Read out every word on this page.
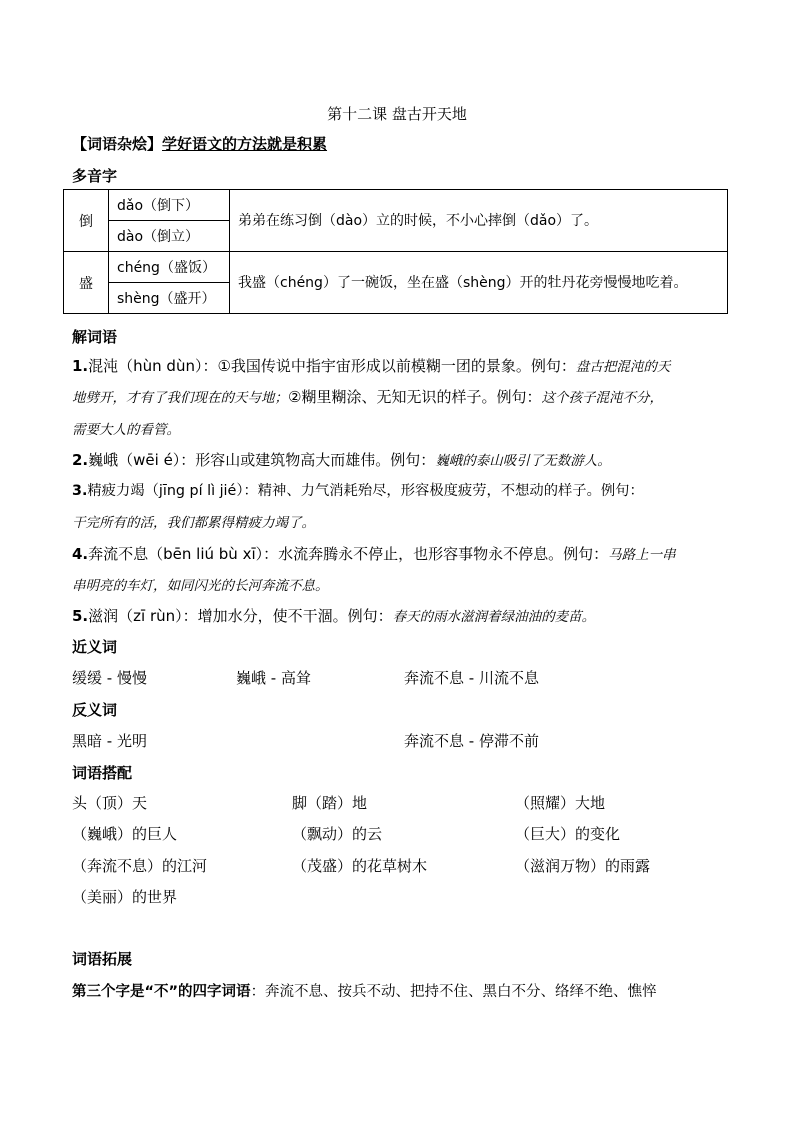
第十二课 盘古开天地
【词语杂烩】学好语文的方法就是积累
多音字
倒	dǎo（倒下）	弟弟在练习倒（dào）立的时候，不小心摔倒（dǎo）了。
	dào（倒立）	
盛	chéng（盛饭）	我盛（chéng）了一碗饭，坐在盛（shèng）开的牡丹花旁慢慢地吃着。
	shèng（盛开）	
解词语
1.混沌（hùn dùn）：①我国传说中指宇宙形成以前模糊一团的景象。例句：盘古把混沌的天
地劈开，才有了我们现在的天与地；②糊里糊涂、无知无识的样子。例句：这个孩子混沌不分，
需要大人的看管。
2.巍峨（wēi é）：形容山或建筑物高大而雄伟。例句：巍峨的泰山吸引了无数游人。
3.精疲力竭（jīng pí lì jié）：精神、力气消耗殆尽，形容极度疲劳，不想动的样子。例句：
干完所有的活，我们都累得精疲力竭了。
4.奔流不息（bēn liú bù xī）：水流奔腾永不停止，也形容事物永不停息。例句：马路上一串
串明亮的车灯，如同闪光的长河奔流不息。
5.滋润（zī rùn）：增加水分，使不干涸。例句：春天的雨水滋润着绿油油的麦苗。
近义词
缓缓 - 慢慢	巍峨 - 高耸	奔流不息 - 川流不息
反义词
黑暗 - 光明	奔流不息 - 停滞不前
词语搭配
头（顶）天	脚（踏）地	（照耀）大地
（巍峨）的巨人	（飘动）的云	（巨大）的变化
（奔流不息）的江河	（茂盛）的花草树木	（滋润万物）的雨露
（美丽）的世界
词语拓展
第三个字是“不”的四字词语：奔流不息、按兵不动、把持不住、黑白不分、络绎不绝、憔悴
